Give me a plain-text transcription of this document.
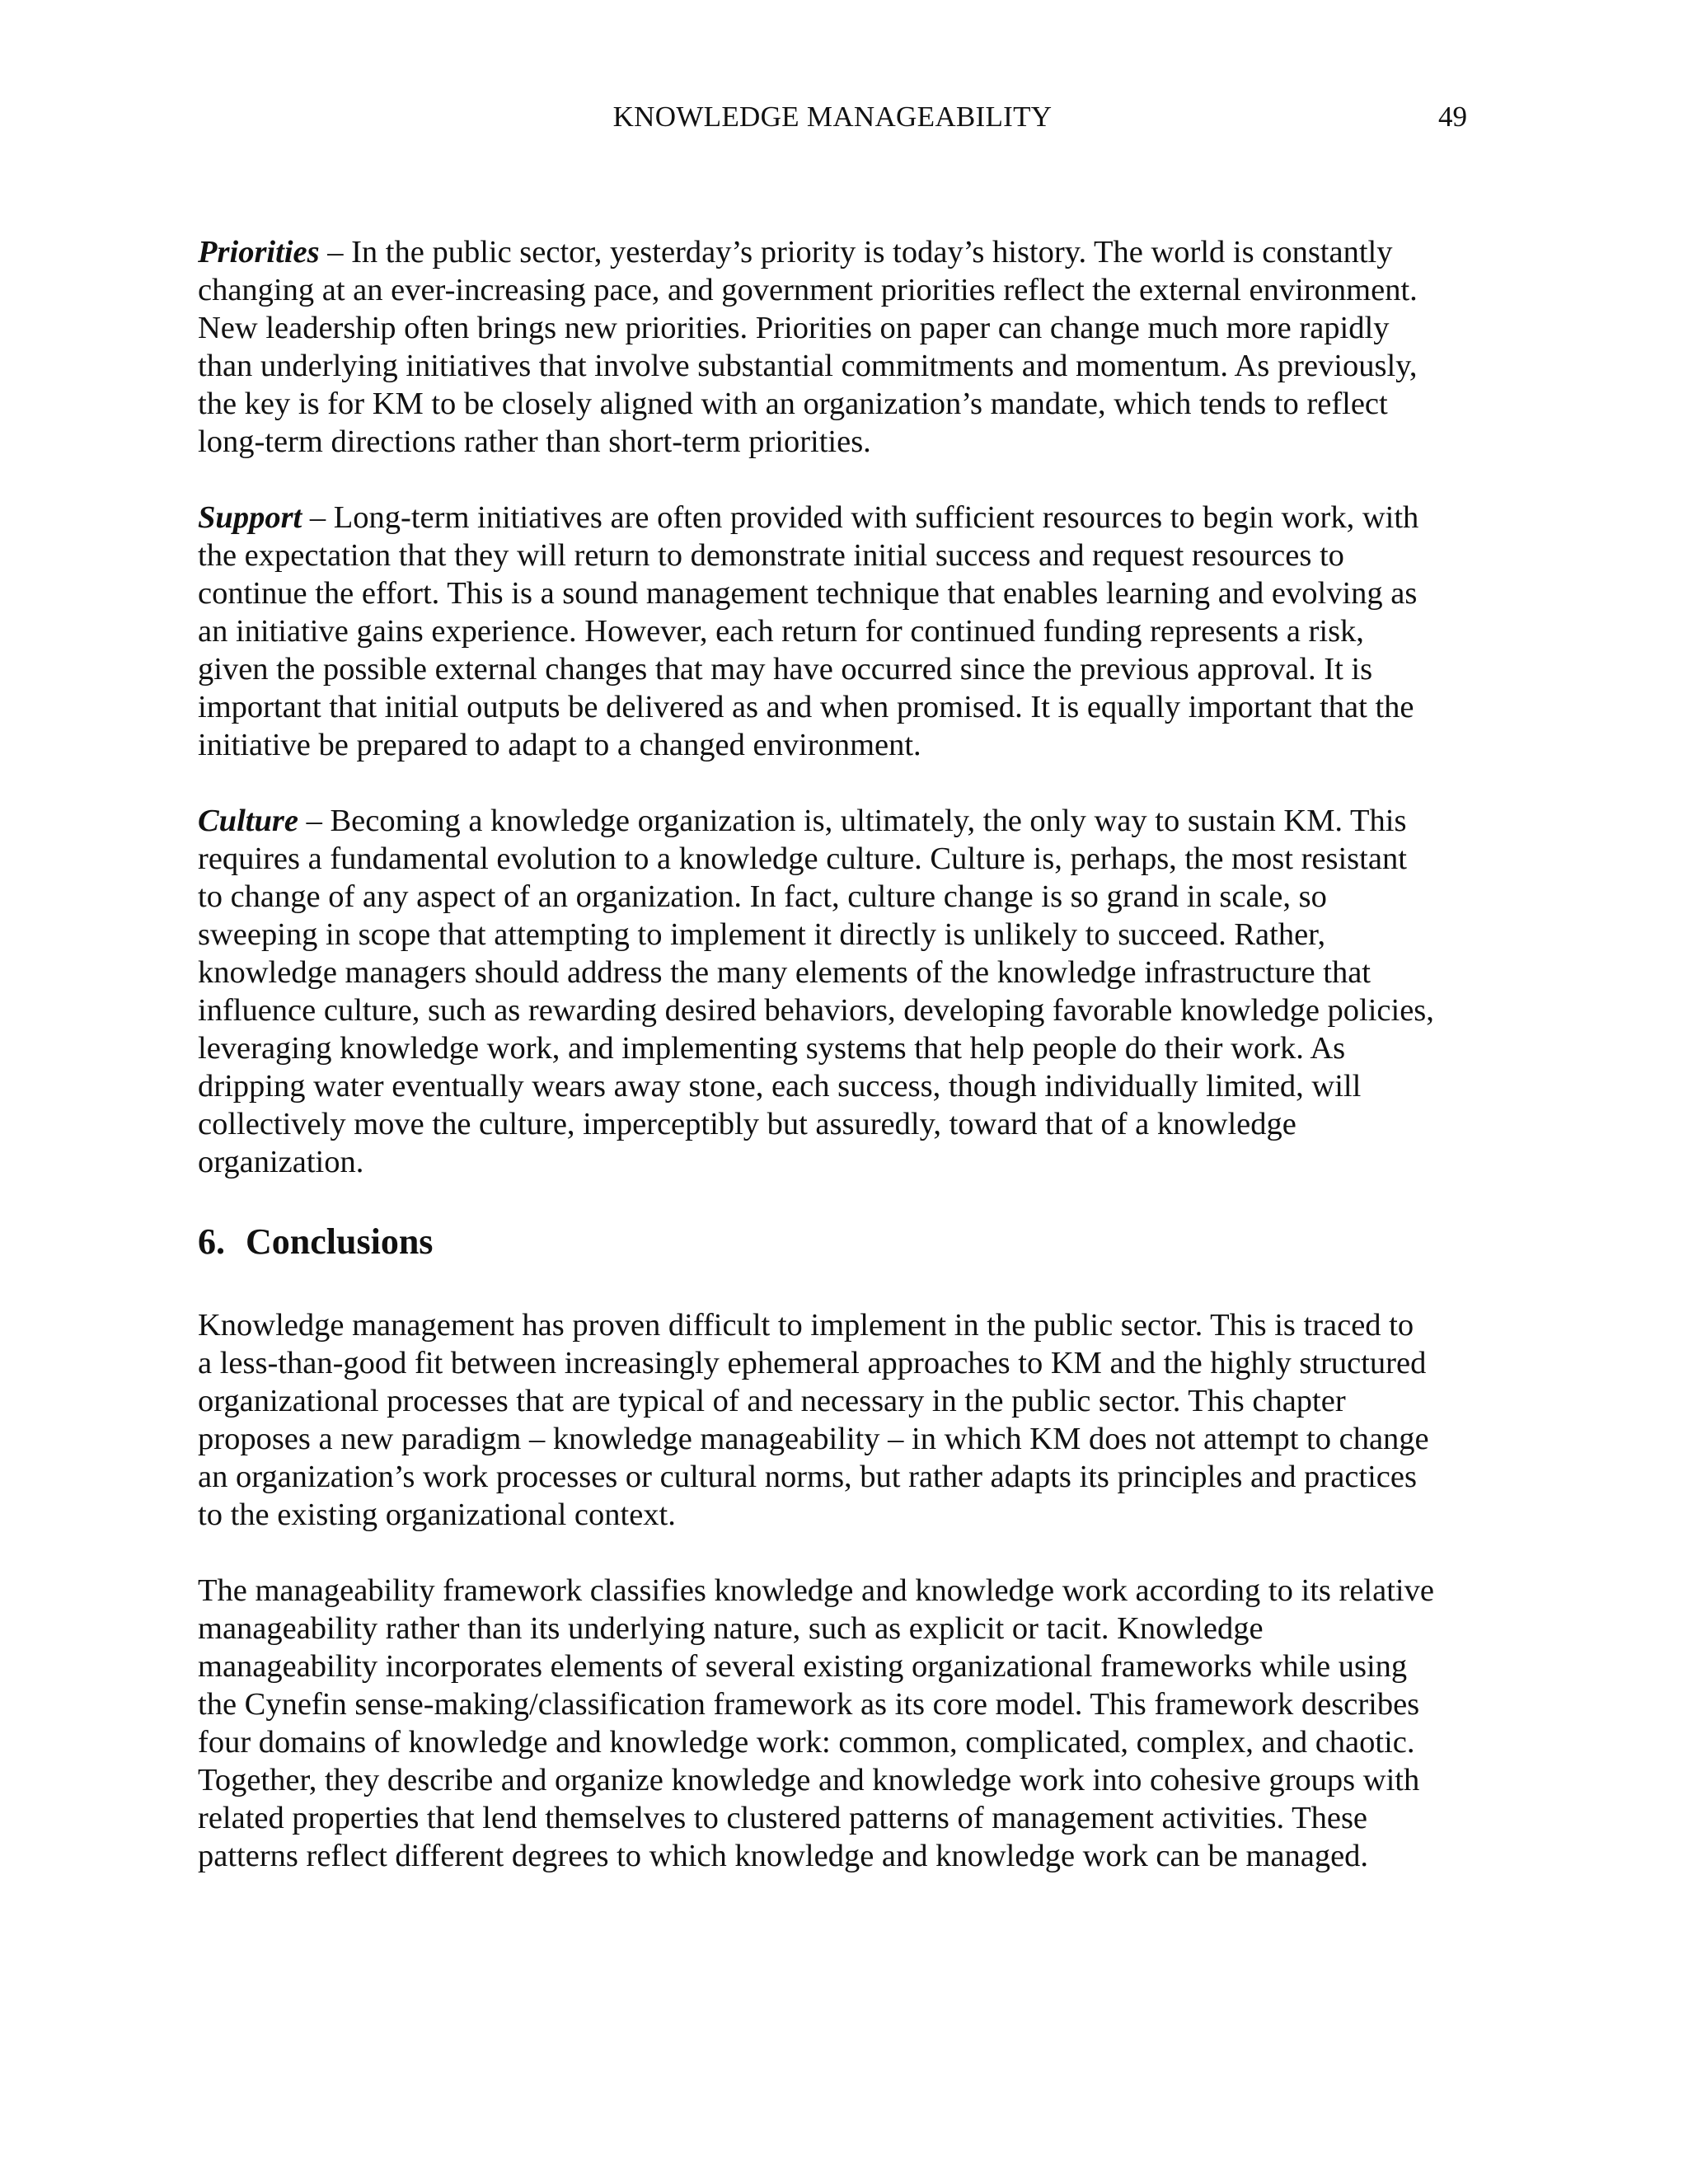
KNOWLEDGE MANAGEABILITY	49

Priorities – In the public sector, yesterday’s priority is today’s history. The world is constantly
changing at an ever-increasing pace, and government priorities reflect the external environment.
New leadership often brings new priorities. Priorities on paper can change much more rapidly
than underlying initiatives that involve substantial commitments and momentum. As previously,
the key is for KM to be closely aligned with an organization’s mandate, which tends to reflect
long-term directions rather than short-term priorities.

Support – Long-term initiatives are often provided with sufficient resources to begin work, with
the expectation that they will return to demonstrate initial success and request resources to
continue the effort. This is a sound management technique that enables learning and evolving as
an initiative gains experience. However, each return for continued funding represents a risk,
given the possible external changes that may have occurred since the previous approval. It is
important that initial outputs be delivered as and when promised. It is equally important that the
initiative be prepared to adapt to a changed environment.

Culture – Becoming a knowledge organization is, ultimately, the only way to sustain KM. This
requires a fundamental evolution to a knowledge culture. Culture is, perhaps, the most resistant
to change of any aspect of an organization. In fact, culture change is so grand in scale, so
sweeping in scope that attempting to implement it directly is unlikely to succeed. Rather,
knowledge managers should address the many elements of the knowledge infrastructure that
influence culture, such as rewarding desired behaviors, developing favorable knowledge policies,
leveraging knowledge work, and implementing systems that help people do their work. As
dripping water eventually wears away stone, each success, though individually limited, will
collectively move the culture, imperceptibly but assuredly, toward that of a knowledge
organization.

6. Conclusions

Knowledge management has proven difficult to implement in the public sector. This is traced to
a less-than-good fit between increasingly ephemeral approaches to KM and the highly structured
organizational processes that are typical of and necessary in the public sector. This chapter
proposes a new paradigm – knowledge manageability – in which KM does not attempt to change
an organization’s work processes or cultural norms, but rather adapts its principles and practices
to the existing organizational context.

The manageability framework classifies knowledge and knowledge work according to its relative
manageability rather than its underlying nature, such as explicit or tacit. Knowledge
manageability incorporates elements of several existing organizational frameworks while using
the Cynefin sense-making/classification framework as its core model. This framework describes
four domains of knowledge and knowledge work: common, complicated, complex, and chaotic.
Together, they describe and organize knowledge and knowledge work into cohesive groups with
related properties that lend themselves to clustered patterns of management activities. These
patterns reflect different degrees to which knowledge and knowledge work can be managed.
